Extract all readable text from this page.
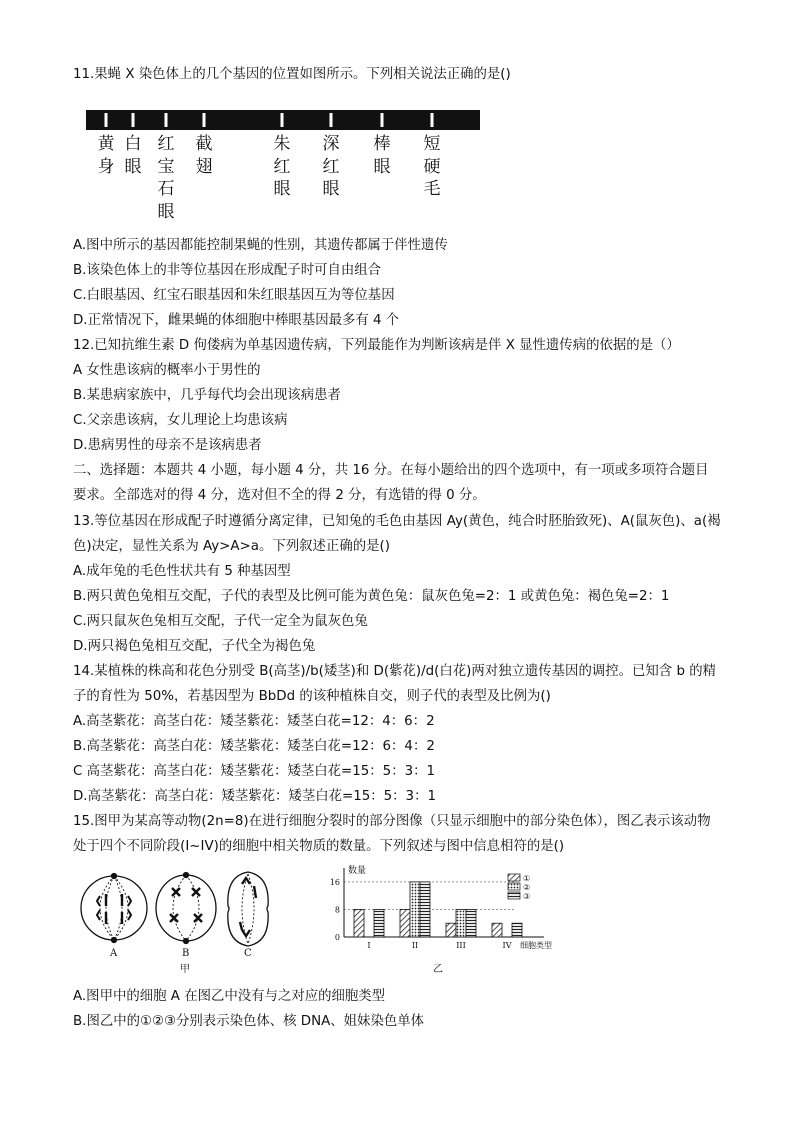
11.果蝇 X 染色体上的几个基因的位置如图所示。下列相关说法正确的是()
A.图中所示的基因都能控制果蝇的性别，其遗传都属于伴性遗传
B.该染色体上的非等位基因在形成配子时可自由组合
C.白眼基因、红宝石眼基因和朱红眼基因互为等位基因
D.正常情况下，雌果蝇的体细胞中棒眼基因最多有 4 个
12.已知抗维生素 D 佝偻病为单基因遗传病，下列最能作为判断该病是伴 X 显性遗传病的依据的是（）
A 女性患该病的概率小于男性的
B.某患病家族中，几乎每代均会出现该病患者
C.父亲患该病，女儿理论上均患该病
D.患病男性的母亲不是该病患者
二、选择题：本题共 4 小题，每小题 4 分，共 16 分。在每小题给出的四个选项中，有一项或多项符合题目
要求。全部选对的得 4 分，选对但不全的得 2 分，有选错的得 0 分。
13.等位基因在形成配子时遵循分离定律，已知兔的毛色由基因 Ay(黄色，纯合时胚胎致死)、A(鼠灰色)、a(褐
色)决定，显性关系为 Ay>A>a。下列叙述正确的是()
A.成年兔的毛色性状共有 5 种基因型
B.两只黄色兔相互交配，子代的表型及比例可能为黄色兔：鼠灰色兔=2：1 或黄色兔：褐色兔=2：1
C.两只鼠灰色兔相互交配，子代一定全为鼠灰色兔
D.两只褐色兔相互交配，子代全为褐色兔
14.某植株的株高和花色分别受 B(高茎)/b(矮茎)和 D(紫花)/d(白花)两对独立遗传基因的调控。已知含 b 的精
子的育性为 50%，若基因型为 BbDd 的该种植株自交，则子代的表型及比例为()
A.高茎紫花：高茎白花：矮茎紫花：矮茎白花=12：4：6：2
B.高茎紫花：高茎白花：矮茎紫花：矮茎白花=12：6：4：2
C 高茎紫花：高茎白花：矮茎紫花：矮茎白花=15：5：3：1
D.高茎紫花：高茎白花：矮茎紫花：矮茎白花=15：5：3：1
15.图甲为某高等动物(2n=8)在进行细胞分裂时的部分图像（只显示细胞中的部分染色体），图乙表示该动物
处于四个不同阶段(I~IV)的细胞中相关物质的数量。下列叙述与图中信息相符的是()
A.图甲中的细胞 A 在图乙中没有与之对应的细胞类型
B.图乙中的①②③分别表示染色体、核 DNA、姐妹染色单体
黄
身
白
眼
红
宝
石
眼
截
翅
朱
红
眼
深
红
眼
棒
眼
短
硬
毛
A	B	C
甲
数量
0
8
16
I	II	III	IV 细胞类型
①
②
③
乙
